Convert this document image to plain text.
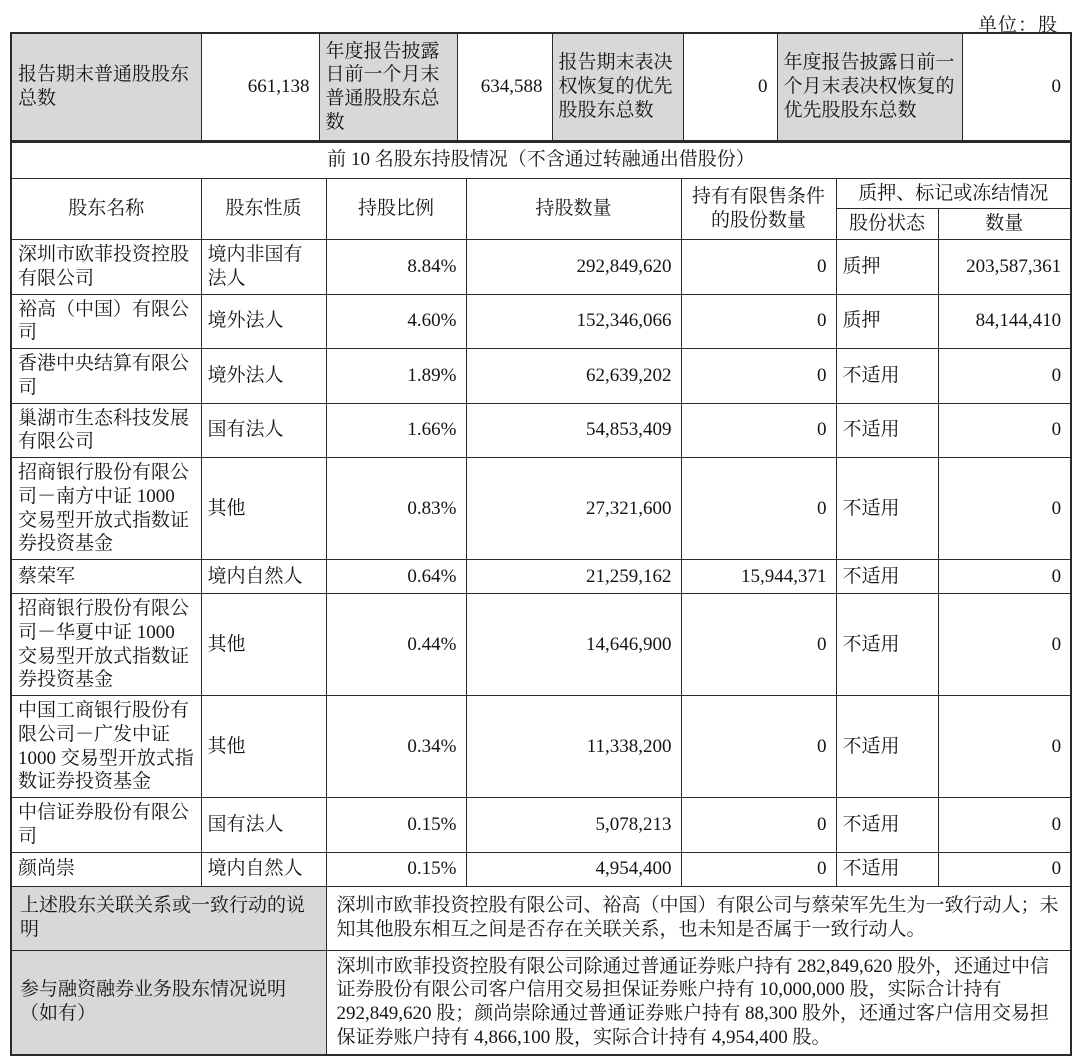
单位：股
报告期末普通股股东总数	661,138	年度报告披露日前一个月末普通股股东总数	634,588	报告期末表决权恢复的优先股股东总数	0	年度报告披露日前一个月末表决权恢复的优先股股东总数	0
前 10 名股东持股情况（不含通过转融通出借股份）						
股东名称	股东性质	持股比例	持股数量	持有有限售条件的股份数量	质押、标记或冻结情况	
					股份状态	数量
深圳市欧菲投资控股有限公司	境内非国有法人	8.84%	292,849,620	0	质押	203,587,361
裕高（中国）有限公司	境外法人	4.60%	152,346,066	0	质押	84,144,410
香港中央结算有限公司	境外法人	1.89%	62,639,202	0	不适用	0
巢湖市生态科技发展有限公司	国有法人	1.66%	54,853,409	0	不适用	0
招商银行股份有限公司－南方中证 1000 交易型开放式指数证券投资基金	其他	0.83%	27,321,600	0	不适用	0
蔡荣军	境内自然人	0.64%	21,259,162	15,944,371	不适用	0
招商银行股份有限公司－华夏中证 1000 交易型开放式指数证券投资基金	其他	0.44%	14,646,900	0	不适用	0
中国工商银行股份有限公司－广发中证 1000 交易型开放式指数证券投资基金	其他	0.34%	11,338,200	0	不适用	0
中信证券股份有限公司	国有法人	0.15%	5,078,213	0	不适用	0
颜尚崇	境内自然人	0.15%	4,954,400	0	不适用	0
上述股东关联关系或一致行动的说明		深圳市欧菲投资控股有限公司、裕高（中国）有限公司与蔡荣军先生为一致行动人；未知其他股东相互之间是否存在关联关系，也未知是否属于一致行动人。				
参与融资融券业务股东情况说明（如有）		深圳市欧菲投资控股有限公司除通过普通证券账户持有 282,849,620 股外，还通过中信证券股份有限公司客户信用交易担保证券账户持有 10,000,000 股，实际合计持有 292,849,620 股；颜尚崇除通过普通证券账户持有 88,300 股外，还通过客户信用交易担保证券账户持有 4,866,100 股，实际合计持有 4,954,400 股。				
